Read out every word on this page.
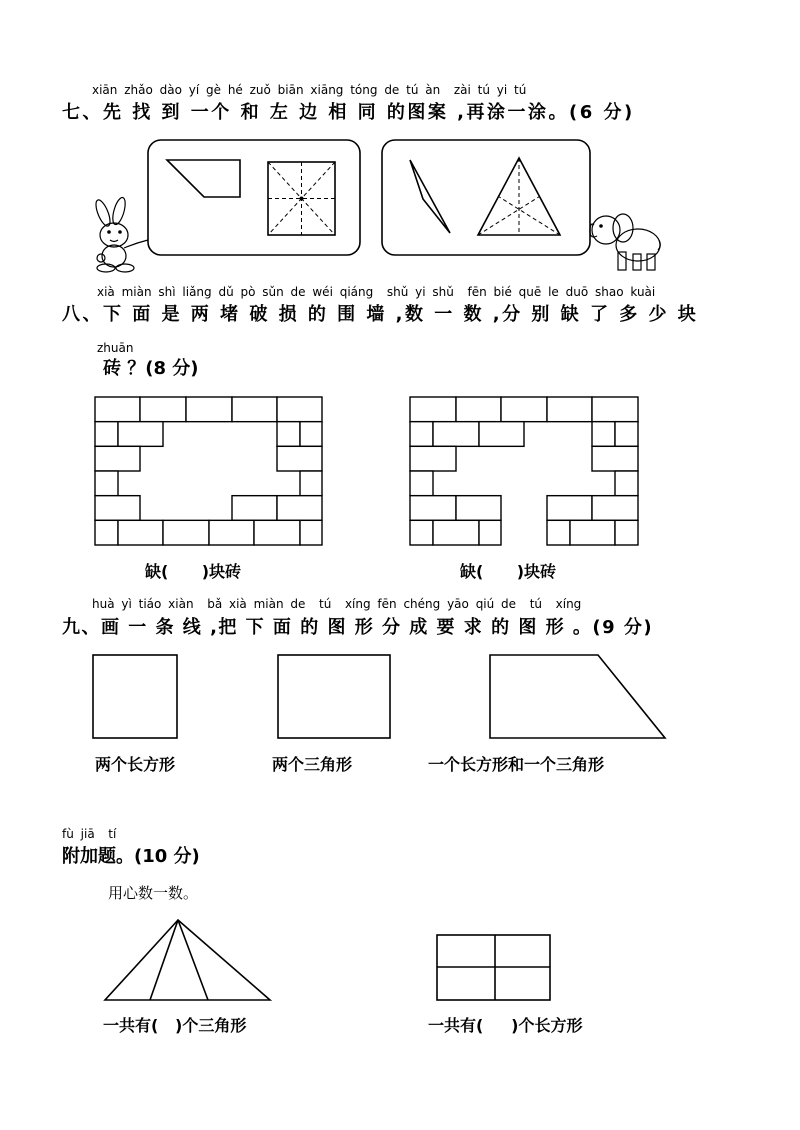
xiān zhǎo dào yí gè hé zuǒ biān xiāng tóng de tú àn  zài tú yi tú
七、先 找 到 一个 和 左 边 相 同 的图案 ,再涂一涂。(6 分)
xià miàn shì liǎng dǔ pò sǔn de wéi qiáng  shǔ yi shǔ  fēn bié quē le duō shao kuài
八、下 面 是 两 堵 破 损 的 围 墙 ,数 一 数 ,分 别 缺 了 多 少 块
zhuān
砖 ？(8 分)
缺(      )块砖	缺(      )块砖
huà yì tiáo xiàn  bǎ xià miàn de  tú  xíng fēn chéng yāo qiú de  tú  xíng
九、画 一 条 线 ,把 下 面 的 图 形 分 成 要 求 的 图 形 。(9 分)
两个长方形	两个三角形	一个长方形和一个三角形
fù jiā  tí
附加题。(10 分)
用心数一数。
一共有(   )个三角形	一共有(     )个长方形
